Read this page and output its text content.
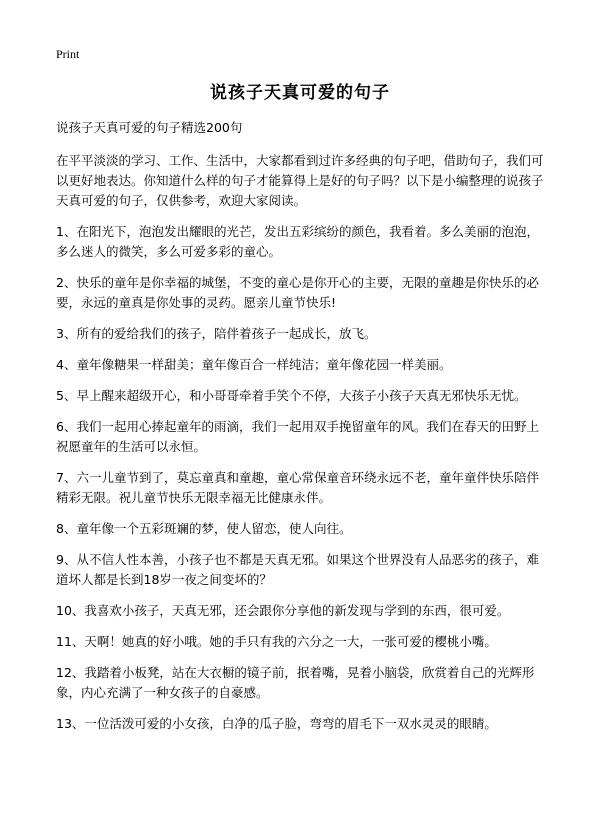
Print
说孩子天真可爱的句子

说孩子天真可爱的句子精选200句

在平平淡淡的学习、工作、生活中，大家都看到过许多经典的句子吧，借助句子，我们可以更好地表达。你知道什么样的句子才能算得上是好的句子吗？以下是小编整理的说孩子天真可爱的句子，仅供参考，欢迎大家阅读。

1、在阳光下，泡泡发出耀眼的光芒，发出五彩缤纷的颜色，我看着。多么美丽的泡泡，多么迷人的微笑，多么可爱多彩的童心。

2、快乐的童年是你幸福的城堡，不变的童心是你开心的主要，无限的童趣是你快乐的必要，永远的童真是你处事的灵药。愿亲儿童节快乐!

3、所有的爱给我们的孩子，陪伴着孩子一起成长，放飞。

4、童年像糖果一样甜美；童年像百合一样纯洁；童年像花园一样美丽。

5、早上醒来超级开心，和小哥哥牵着手笑个不停，大孩子小孩子天真无邪快乐无忧。

6、我们一起用心捧起童年的雨滴，我们一起用双手挽留童年的风。我们在春天的田野上祝愿童年的生活可以永恒。

7、六一儿童节到了，莫忘童真和童趣，童心常保童音环绕永远不老，童年童伴快乐陪伴精彩无限。祝儿童节快乐无限幸福无比健康永伴。

8、童年像一个五彩斑斓的梦，使人留恋，使人向往。

9、从不信人性本善，小孩子也不都是天真无邪。如果这个世界没有人品恶劣的孩子，难道坏人都是长到18岁一夜之间变坏的？

10、我喜欢小孩子，天真无邪，还会跟你分享他的新发现与学到的东西，很可爱。

11、天啊！她真的好小哦。她的手只有我的六分之一大，一张可爱的樱桃小嘴。

12、我踏着小板凳，站在大衣橱的镜子前，抿着嘴，晃着小脑袋，欣赏着自己的光辉形象，内心充满了一种女孩子的自豪感。

13、一位活泼可爱的小女孩，白净的瓜子脸，弯弯的眉毛下一双水灵灵的眼睛。
